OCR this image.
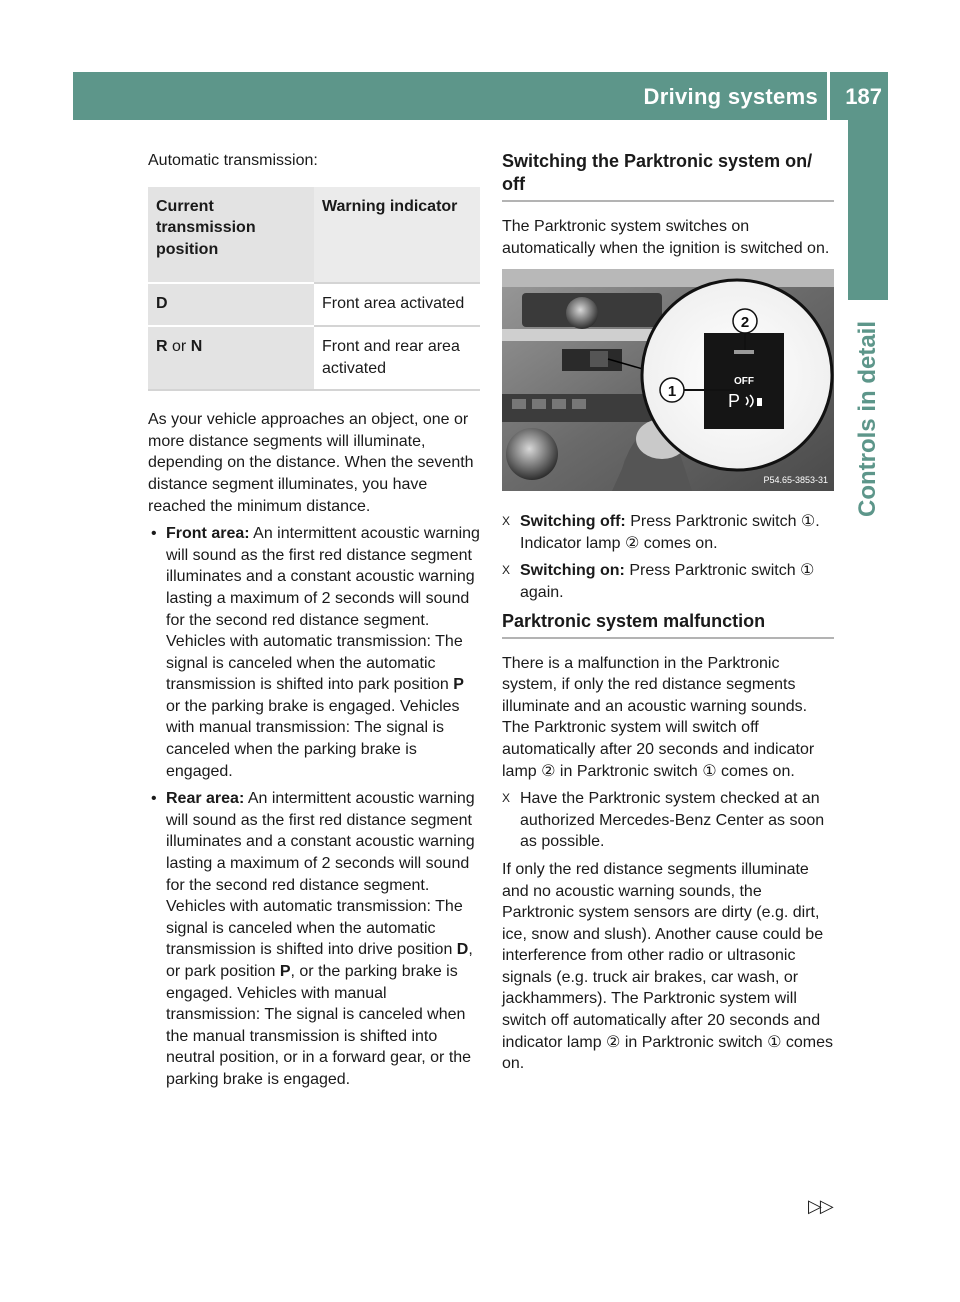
Driving systems 187
Controls in detail

Automatic transmission:

Current transmission position	Warning indicator
D	Front area activated
R or N	Front and rear area activated

As your vehicle approaches an object, one or more distance segments will illuminate, depending on the distance. When the seventh distance segment illuminates, you have reached the minimum distance.

• Front area: An intermittent acoustic warning will sound as the first red distance segment illuminates and a constant acoustic warning lasting a maximum of 2 seconds will sound for the second red distance segment. Vehicles with automatic transmission: The signal is canceled when the automatic transmission is shifted into park position P or the parking brake is engaged. Vehicles with manual transmission: The signal is canceled when the parking brake is engaged.
• Rear area: An intermittent acoustic warning will sound as the first red distance segment illuminates and a constant acoustic warning lasting a maximum of 2 seconds will sound for the second red distance segment. Vehicles with automatic transmission: The signal is canceled when the automatic transmission is shifted into drive position D, or park position P, or the parking brake is engaged. Vehicles with manual transmission: The signal is canceled when the manual transmission is shifted into neutral position, or in a forward gear, or the parking brake is engaged.
Switching the Parktronic system on/ off

The Parktronic system switches on automatically when the ignition is switched on.

OFF
P
1
2
P54.65-3853-31
X Switching off: Press Parktronic switch ①.
Indicator lamp ② comes on.
X Switching on: Press Parktronic switch ① again.
Parktronic system malfunction

There is a malfunction in the Parktronic system, if only the red distance segments illuminate and an acoustic warning sounds. The Parktronic system will switch off automatically after 20 seconds and indicator lamp ② in Parktronic switch ① comes on.

X Have the Parktronic system checked at an authorized Mercedes-Benz Center as soon as possible.

If only the red distance segments illuminate and no acoustic warning sounds, the Parktronic system sensors are dirty (e.g. dirt, ice, snow and slush). Another cause could be interference from other radio or ultrasonic signals (e.g. truck air brakes, car wash, or jackhammers). The Parktronic system will switch off automatically after 20 seconds and indicator lamp ② in Parktronic switch ① comes on.

▷▷
